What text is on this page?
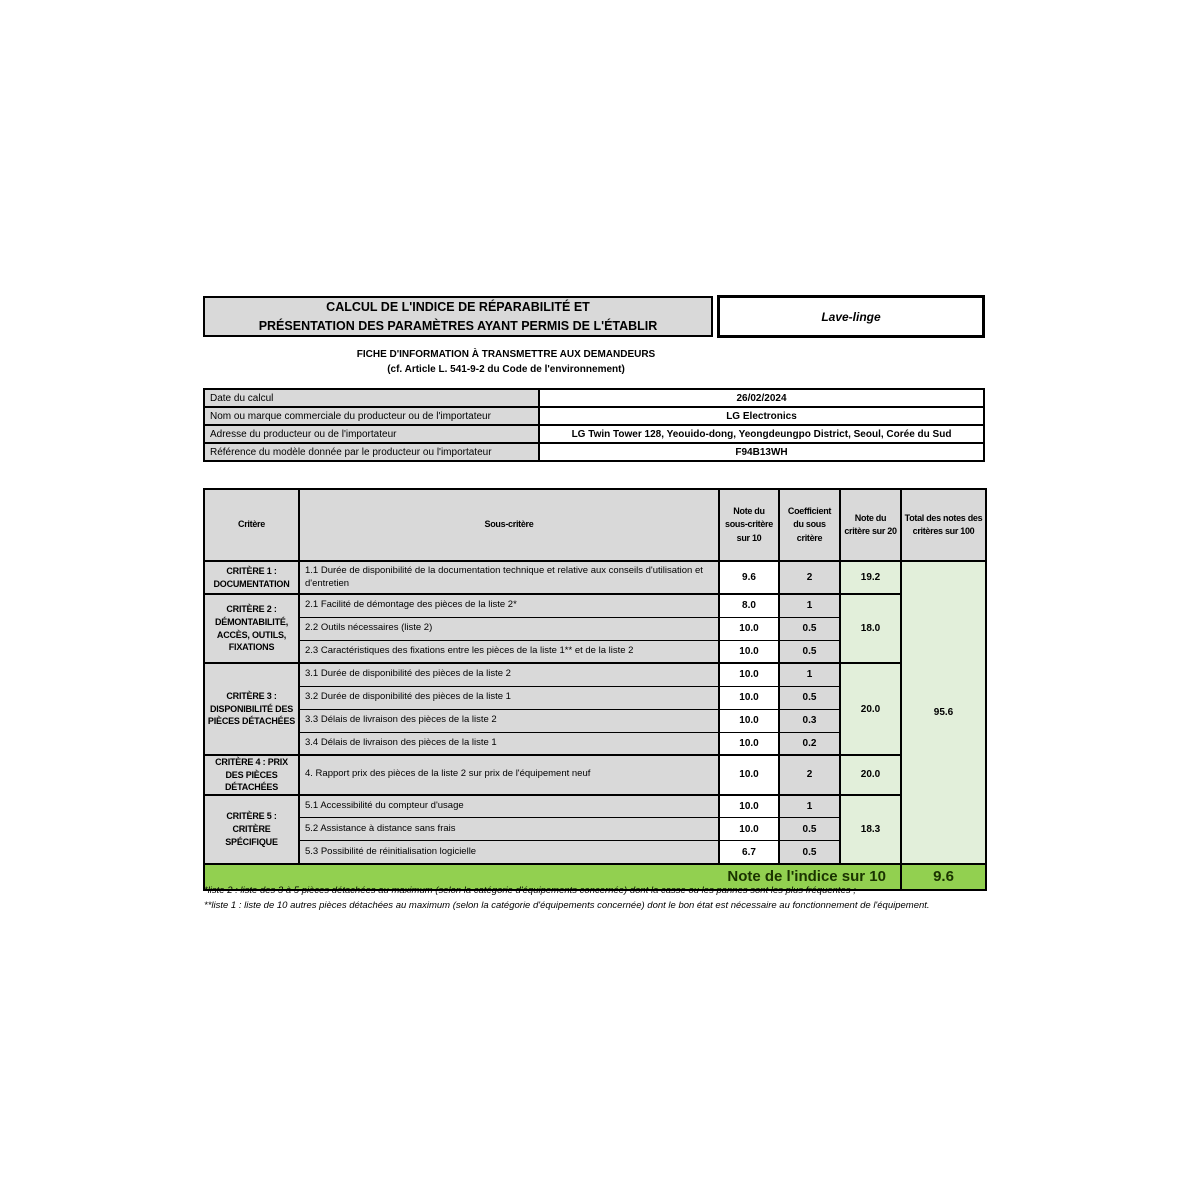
CALCUL DE L'INDICE DE RÉPARABILITÉ ET
PRÉSENTATION DES PARAMÈTRES AYANT PERMIS DE L'ÉTABLIR
Lave-linge
FICHE D'INFORMATION À TRANSMETTRE AUX DEMANDEURS
(cf. Article L. 541-9-2 du Code de l'environnement)
Date du calcul	26/02/2024
Nom ou marque commerciale du producteur ou de l'importateur	LG Electronics
Adresse du producteur ou de l'importateur	LG Twin Tower 128, Yeouido-dong, Yeongdeungpo District, Seoul, Corée du Sud
Référence du modèle donnée par le producteur ou l'importateur	F94B13WH
Critère	Sous-critère	Note du sous-critère sur 10	Coefficient du sous critère	Note du critère sur 20	Total des notes des critères sur 100
CRITÈRE 1 : DOCUMENTATION	1.1 Durée de disponibilité de la documentation technique et relative aux conseils d'utilisation et d'entretien	9.6	2	19.2	95.6
CRITÈRE 2 : DÉMONTABILITÉ, ACCÈS, OUTILS, FIXATIONS	2.1 Facilité de démontage des pièces de la liste 2*	8.0	1	18.0	
	2.2 Outils nécessaires (liste 2)	10.0	0.5		
	2.3 Caractéristiques des fixations entre les pièces de la liste 1** et de la liste 2	10.0	0.5		
CRITÈRE 3 : DISPONIBILITÉ DES PIÈCES DÉTACHÉES	3.1 Durée de disponibilité des pièces de la liste 2	10.0	1	20.0	
	3.2 Durée de disponibilité des pièces de la liste 1	10.0	0.5		
	3.3 Délais de livraison des pièces de la liste 2	10.0	0.3		
	3.4 Délais de livraison des pièces de la liste 1	10.0	0.2		
CRITÈRE 4 : PRIX DES PIÈCES DÉTACHÉES	4. Rapport prix des pièces de la liste 2 sur prix de l'équipement neuf	10.0	2	20.0	
CRITÈRE 5 : CRITÈRE SPÉCIFIQUE	5.1 Accessibilité du compteur d'usage	10.0	1	18.3	
	5.2 Assistance à distance sans frais	10.0	0.5		
	5.3 Possibilité de réinitialisation logicielle	6.7	0.5		
Note de l'indice sur 10					9.6
*liste 2 : liste des 3 à 5 pièces détachées au maximum (selon la catégorie d'équipements concernée) dont la casse ou les pannes sont les plus fréquentes ;
**liste 1 : liste de 10 autres pièces détachées au maximum (selon la catégorie d'équipements concernée) dont le bon état est nécessaire au fonctionnement de l'équipement.
